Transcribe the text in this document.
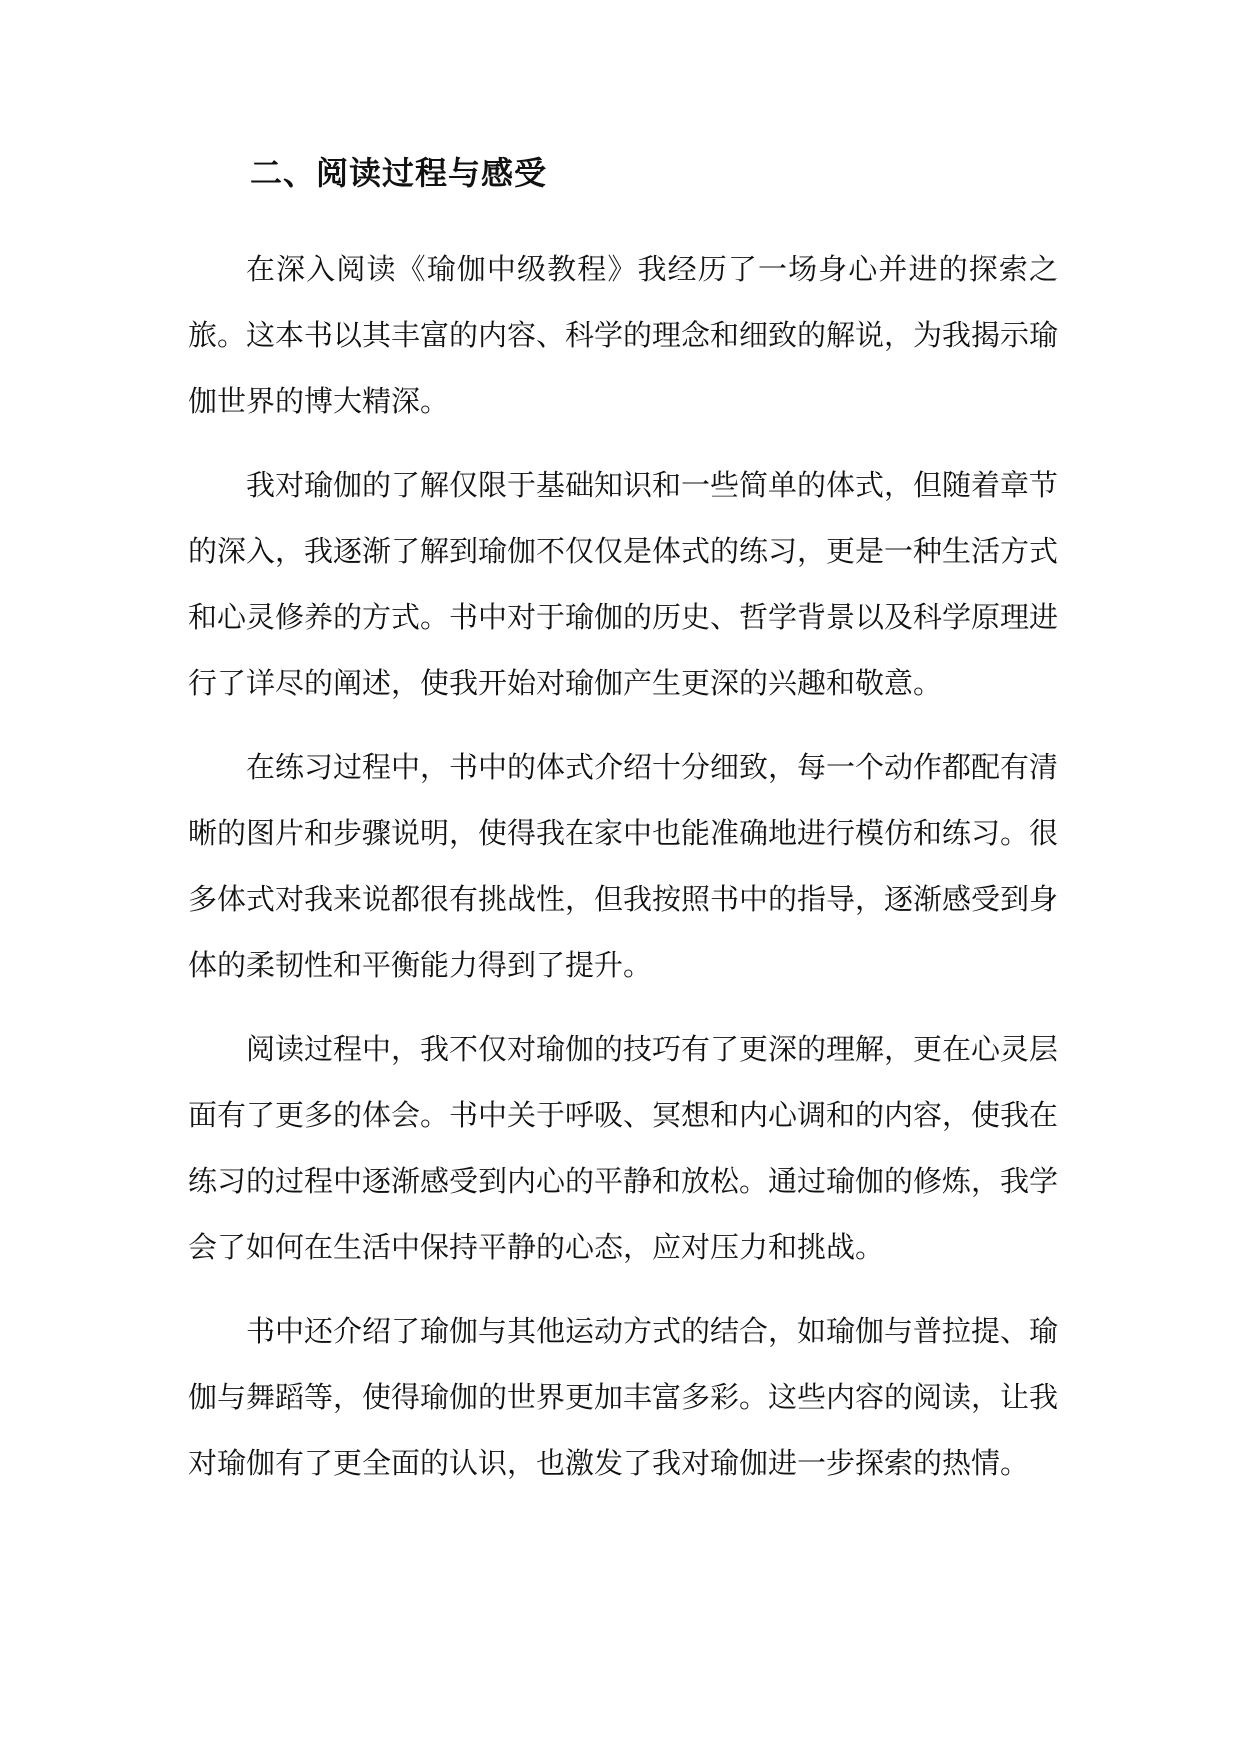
二、阅读过程与感受

在深入阅读《瑜伽中级教程》我经历了一场身心并进的探索之旅。这本书以其丰富的内容、科学的理念和细致的解说，为我揭示瑜伽世界的博大精深。

我对瑜伽的了解仅限于基础知识和一些简单的体式，但随着章节的深入，我逐渐了解到瑜伽不仅仅是体式的练习，更是一种生活方式和心灵修养的方式。书中对于瑜伽的历史、哲学背景以及科学原理进行了详尽的阐述，使我开始对瑜伽产生更深的兴趣和敬意。

在练习过程中，书中的体式介绍十分细致，每一个动作都配有清晰的图片和步骤说明，使得我在家中也能准确地进行模仿和练习。很多体式对我来说都很有挑战性，但我按照书中的指导，逐渐感受到身体的柔韧性和平衡能力得到了提升。

阅读过程中，我不仅对瑜伽的技巧有了更深的理解，更在心灵层面有了更多的体会。书中关于呼吸、冥想和内心调和的内容，使我在练习的过程中逐渐感受到内心的平静和放松。通过瑜伽的修炼，我学会了如何在生活中保持平静的心态，应对压力和挑战。

书中还介绍了瑜伽与其他运动方式的结合，如瑜伽与普拉提、瑜伽与舞蹈等，使得瑜伽的世界更加丰富多彩。这些内容的阅读，让我对瑜伽有了更全面的认识，也激发了我对瑜伽进一步探索的热情。
